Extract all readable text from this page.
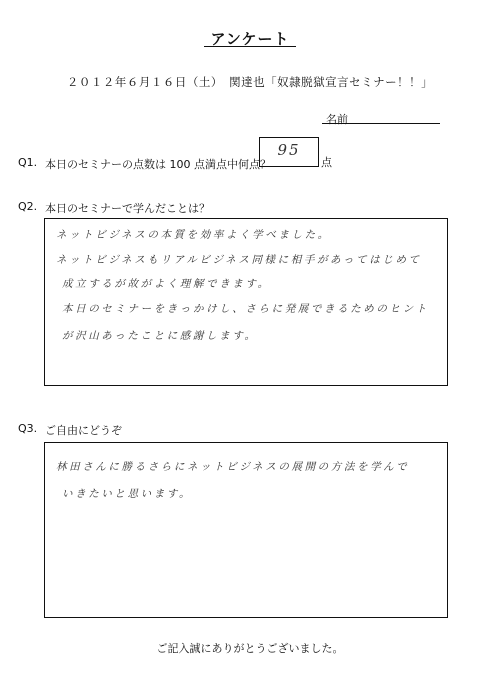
アンケート
２０１２年６月１６日（土）　関達也「奴隷脱獄宣言セミナー！！」
名前
Q1. 本日のセミナーの点数は 100 点満点中何点？
95
点
Q2. 本日のセミナーで学んだことは？
ネットビジネスの本質を効率よく学べました。
ネットビジネスもリアルビジネス同様に相手があってはじめて
成立するが故がよく理解できます。
本日のセミナーをきっかけし、さらに発展できるためのヒント
が沢山あったことに感謝します。
Q3. ご自由にどうぞ
林田さんに勝るさらにネットビジネスの展開の方法を学んで
いきたいと思います。
ご記入誠にありがとうございました。
